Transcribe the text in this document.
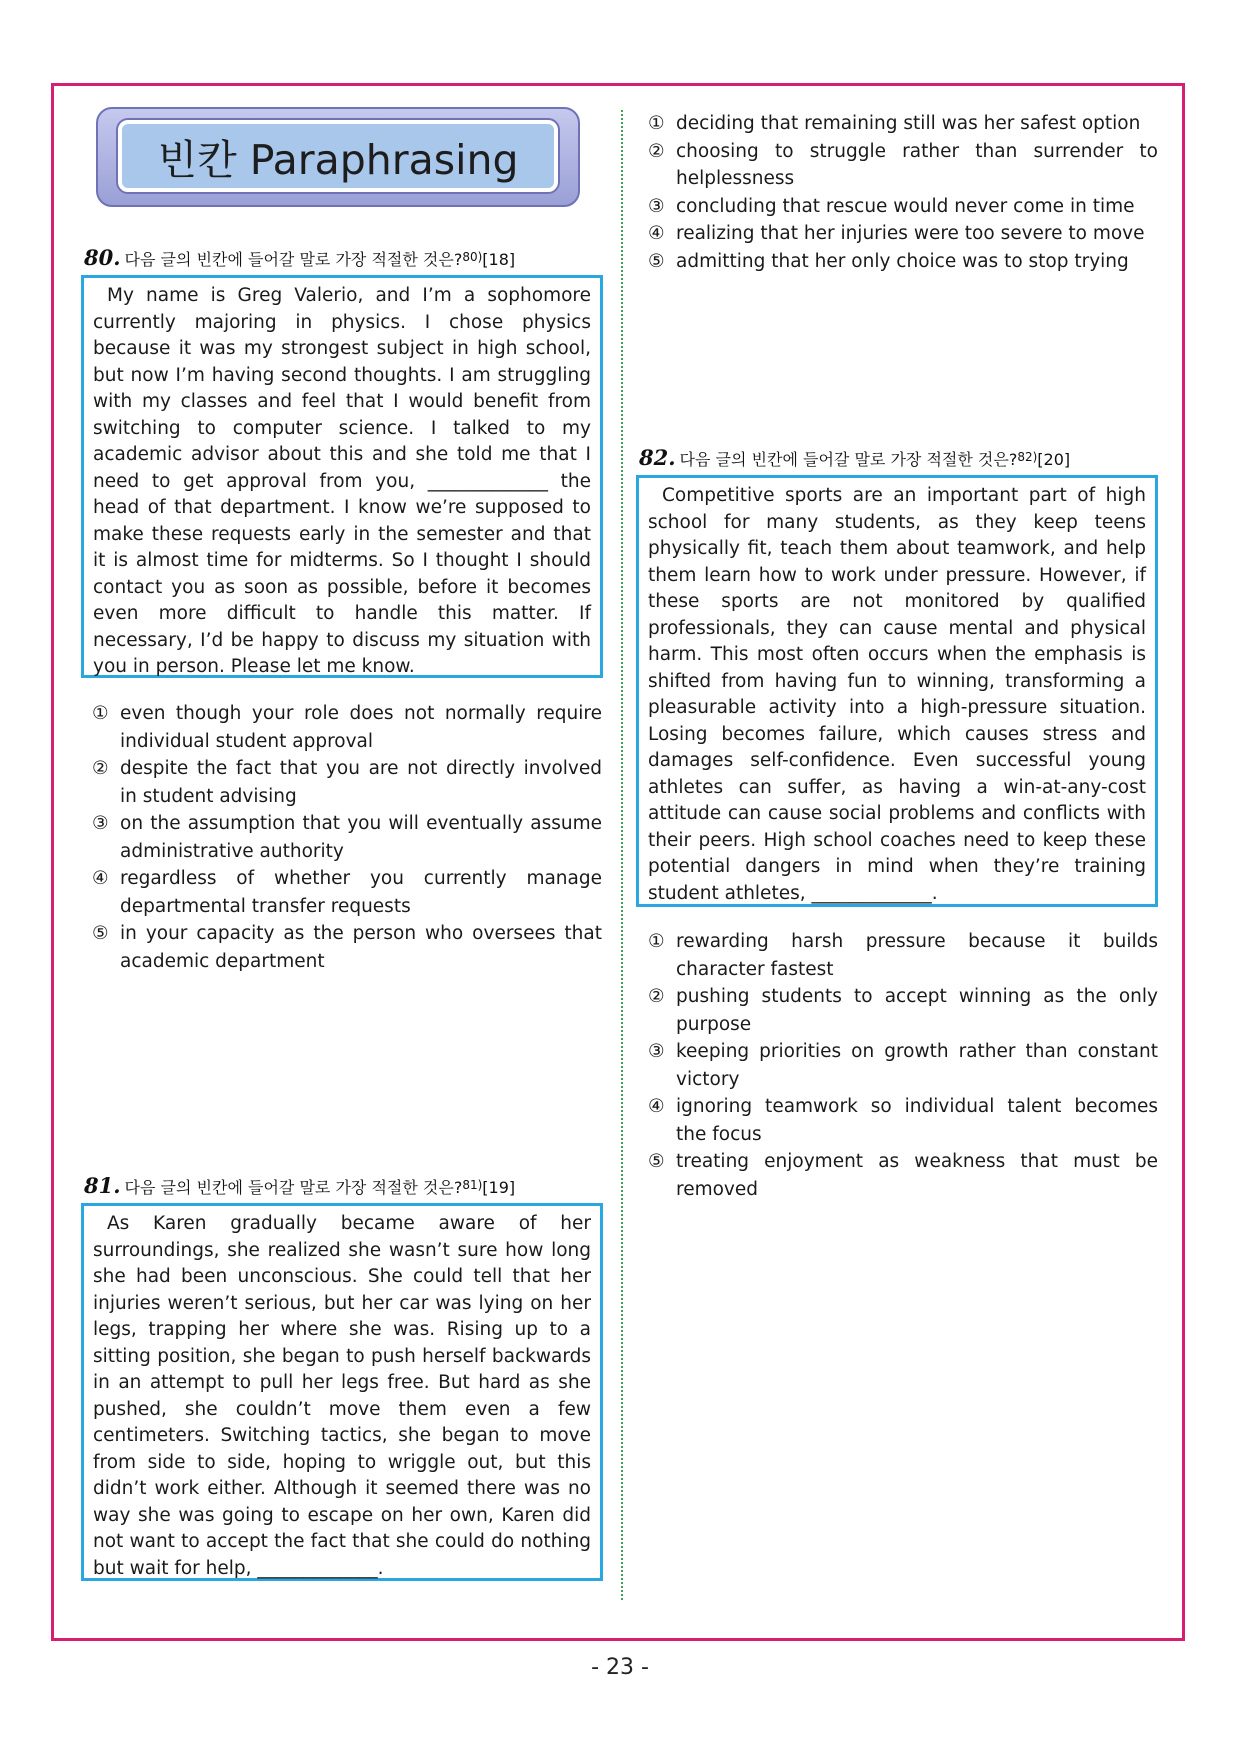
빈칸 Paraphrasing
80. 다음 글의 빈칸에 들어갈 말로 가장 적절한 것은?$^{80)}$[18]
My name is Greg Valerio, and I’m a sophomore currently majoring in physics. I chose physics because it was my strongest subject in high school, but now I’m having second thoughts. I am struggling with my classes and feel that I would benefit from switching to computer science. I talked to my academic advisor about this and she told me that I need to get approval from you, _____________ the head of that department. I know we’re supposed to make these requests early in the semester and that it is almost time for midterms. So I thought I should contact you as soon as possible, before it becomes even more difficult to handle this matter. If necessary, I’d be happy to discuss my situation with you in person. Please let me know.
① even though your role does not normally require individual student approval
② despite the fact that you are not directly involved in student advising
③ on the assumption that you will eventually assume administrative authority
④ regardless of whether you currently manage departmental transfer requests
⑤ in your capacity as the person who oversees that academic department
81. 다음 글의 빈칸에 들어갈 말로 가장 적절한 것은?$^{81)}$[19]
As Karen gradually became aware of her surroundings, she realized she wasn’t sure how long she had been unconscious. She could tell that her injuries weren’t serious, but her car was lying on her legs, trapping her where she was. Rising up to a sitting position, she began to push herself backwards in an attempt to pull her legs free. But hard as she pushed, she couldn’t move them even a few centimeters. Switching tactics, she began to move from side to side, hoping to wriggle out, but this didn’t work either. Although it seemed there was no way she was going to escape on her own, Karen did not want to accept the fact that she could do nothing but wait for help, _____________.
① deciding that remaining still was her safest option
② choosing to struggle rather than surrender to helplessness
③ concluding that rescue would never come in time
④ realizing that her injuries were too severe to move
⑤ admitting that her only choice was to stop trying
82. 다음 글의 빈칸에 들어갈 말로 가장 적절한 것은?$^{82)}$[20]
Competitive sports are an important part of high school for many students, as they keep teens physically fit, teach them about teamwork, and help them learn how to work under pressure. However, if these sports are not monitored by qualified professionals, they can cause mental and physical harm. This most often occurs when the emphasis is shifted from having fun to winning, transforming a pleasurable activity into a high-pressure situation. Losing becomes failure, which causes stress and damages self-confidence. Even successful young athletes can suffer, as having a win-at-any-cost attitude can cause social problems and conflicts with their peers. High school coaches need to keep these potential dangers in mind when they’re training student athletes, _____________.
① rewarding harsh pressure because it builds character fastest
② pushing students to accept winning as the only purpose
③ keeping priorities on growth rather than constant victory
④ ignoring teamwork so individual talent becomes the focus
⑤ treating enjoyment as weakness that must be removed
- 23 -
